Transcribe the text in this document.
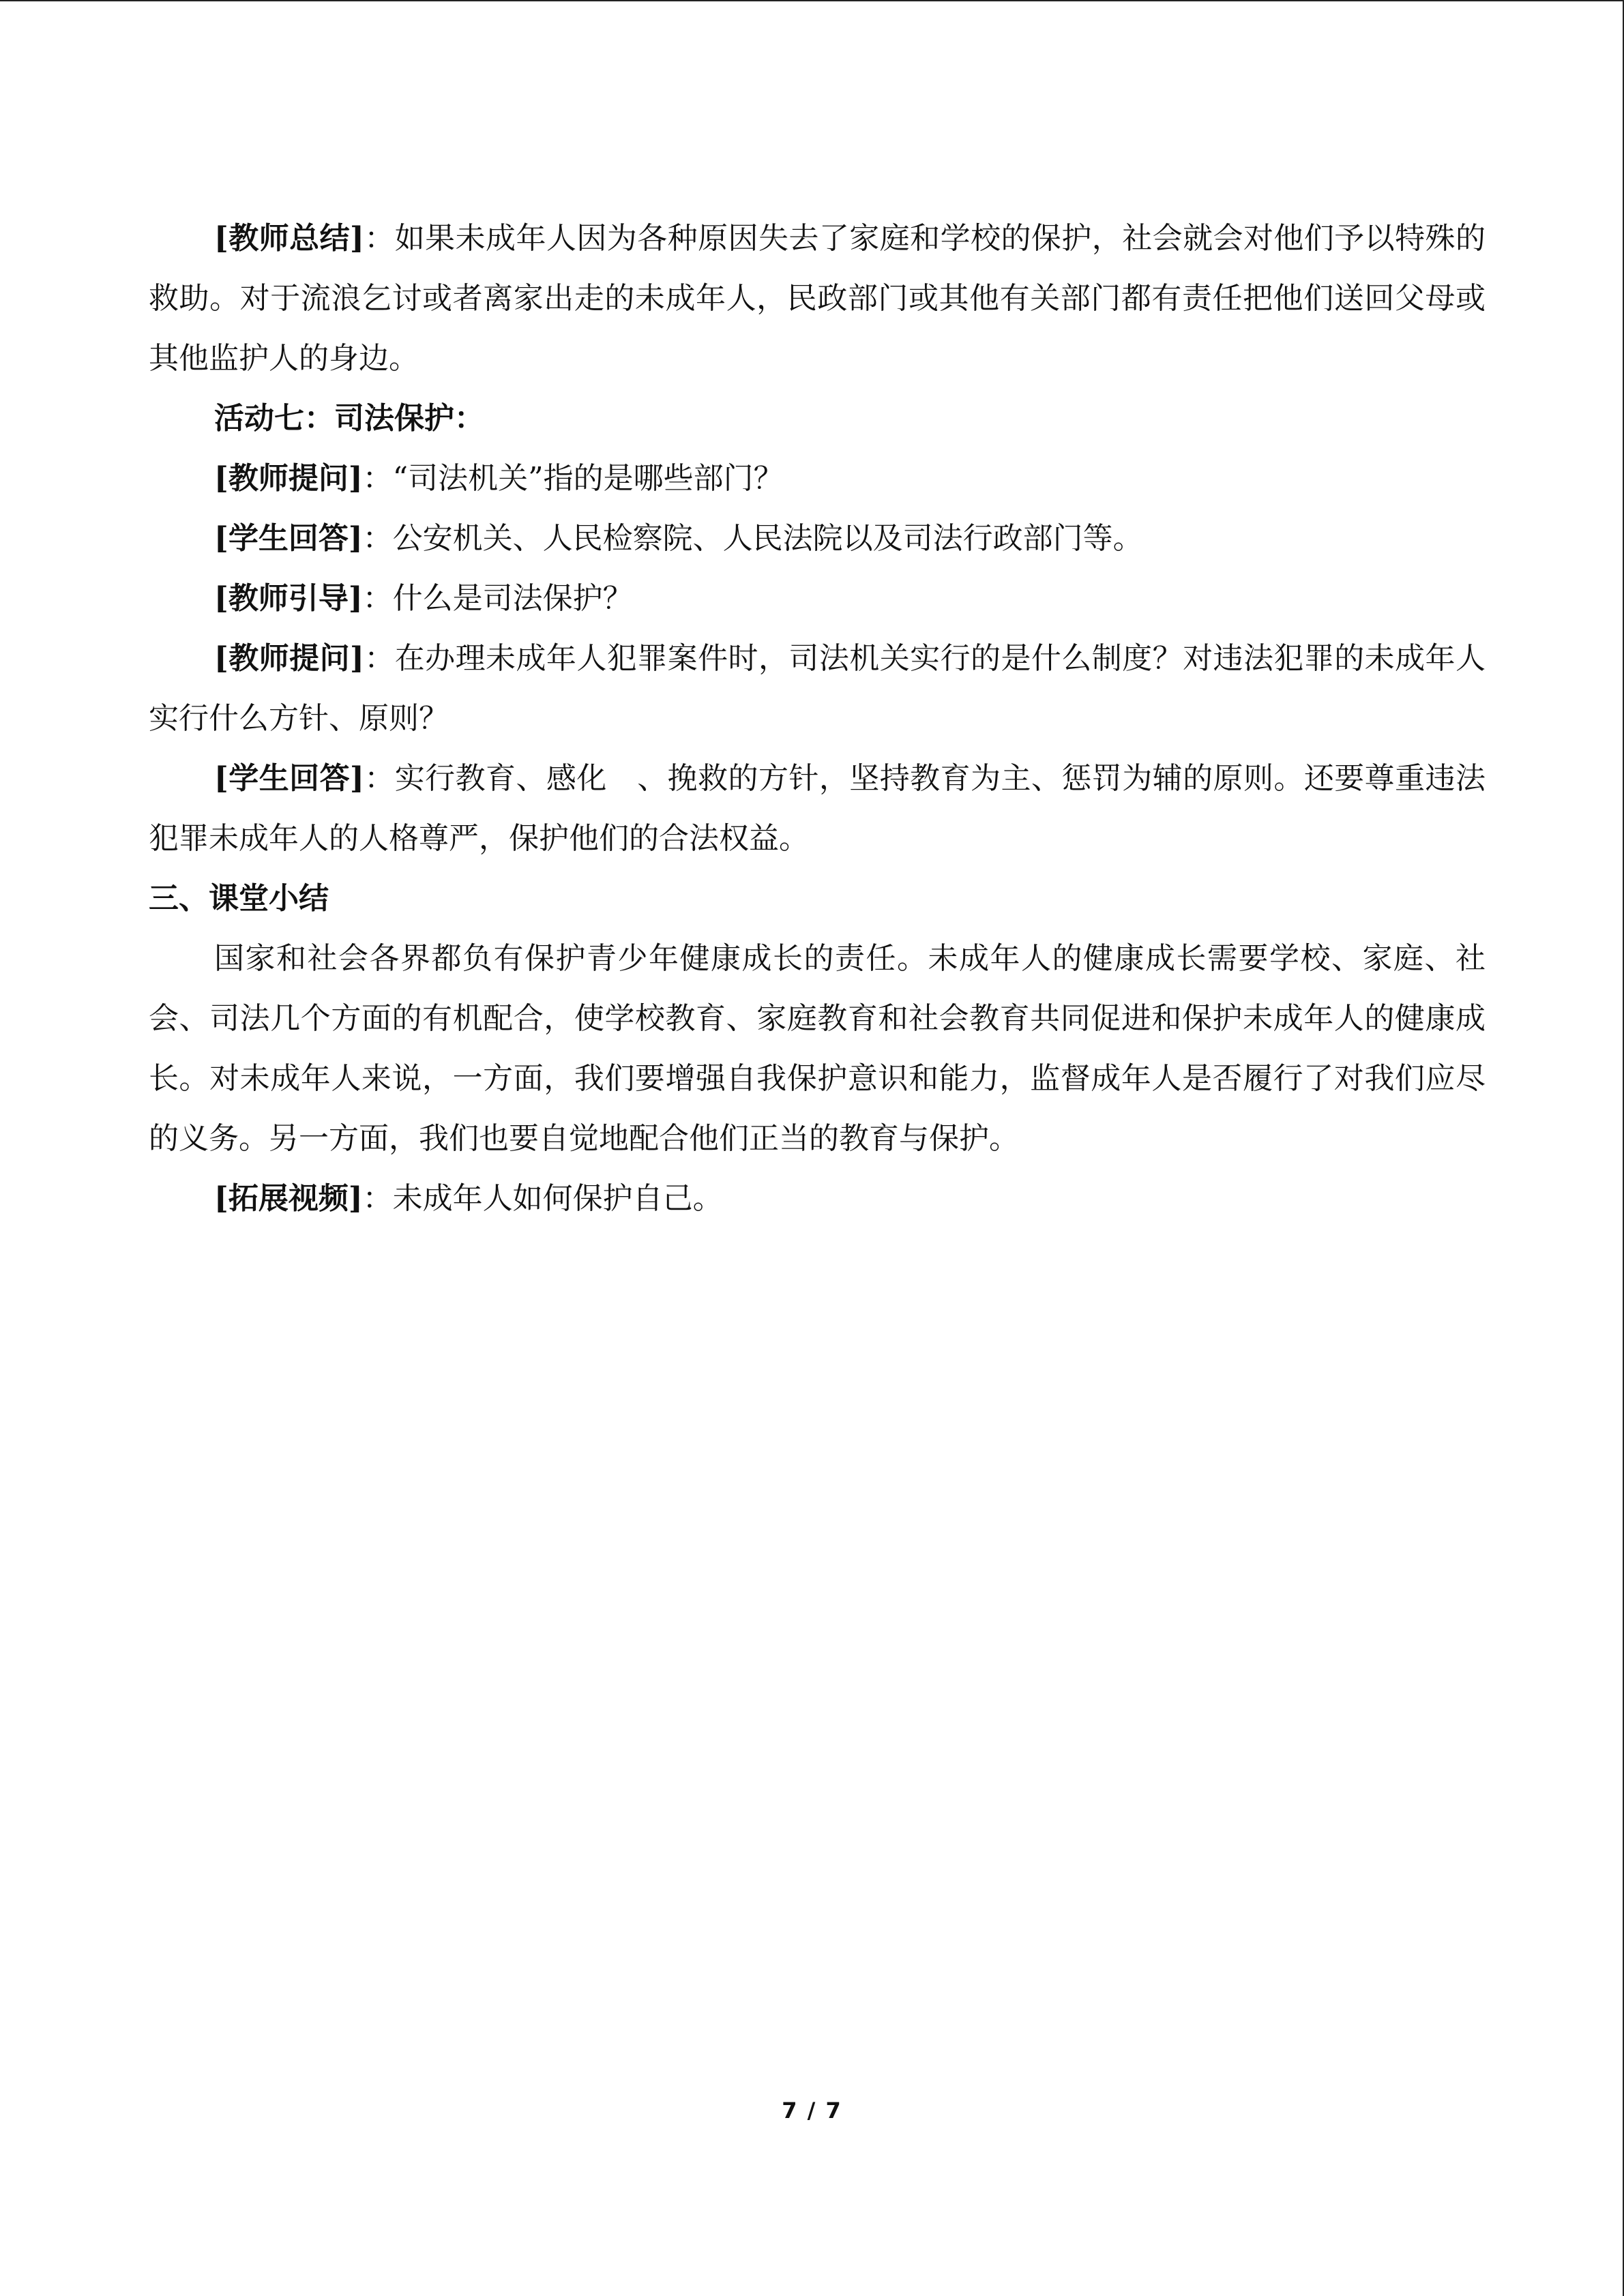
[教师总结]：如果未成年人因为各种原因失去了家庭和学校的保护，社会就会对他们予以特殊的救助。对于流浪乞讨或者离家出走的未成年人，民政部门或其他有关部门都有责任把他们送回父母或其他监护人的身边。

活动七：司法保护：

[教师提问]：“司法机关”指的是哪些部门？

[学生回答]：公安机关、人民检察院、人民法院以及司法行政部门等。

[教师引导]：什么是司法保护？

[教师提问]：在办理未成年人犯罪案件时，司法机关实行的是什么制度？对违法犯罪的未成年人实行什么方针、原则？

[学生回答]：实行教育、感化　、挽救的方针，坚持教育为主、惩罚为辅的原则。还要尊重违法犯罪未成年人的人格尊严，保护他们的合法权益。

三、课堂小结

国家和社会各界都负有保护青少年健康成长的责任。未成年人的健康成长需要学校、家庭、社会、司法几个方面的有机配合，使学校教育、家庭教育和社会教育共同促进和保护未成年人的健康成长。对未成年人来说，一方面，我们要增强自我保护意识和能力，监督成年人是否履行了对我们应尽的义务。另一方面，我们也要自觉地配合他们正当的教育与保护。

[拓展视频]：未成年人如何保护自己。

7 / 7
